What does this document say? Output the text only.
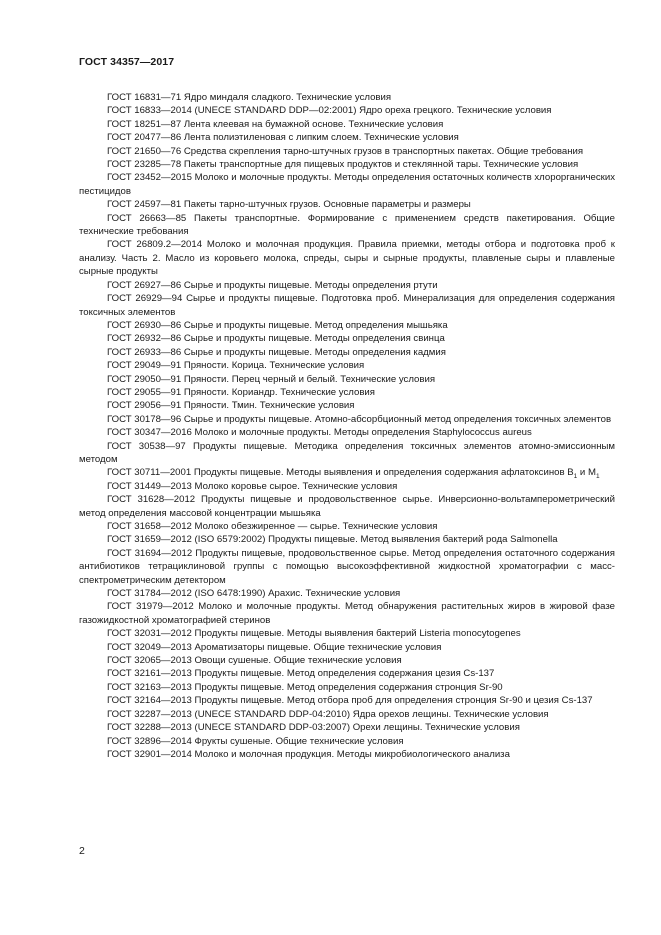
ГОСТ 34357—2017
ГОСТ 16831—71 Ядро миндаля сладкого. Технические условия
ГОСТ 16833—2014 (UNECE STANDARD DDP—02:2001) Ядро ореха грецкого. Технические условия
ГОСТ 18251—87 Лента клеевая на бумажной основе. Технические условия
ГОСТ 20477—86 Лента полиэтиленовая с липким слоем. Технические условия
ГОСТ 21650—76 Средства скрепления тарно-штучных грузов в транспортных пакетах. Общие требования
ГОСТ 23285—78 Пакеты транспортные для пищевых продуктов и стеклянной тары. Технические условия
ГОСТ 23452—2015 Молоко и молочные продукты. Методы определения остаточных количеств хлорорганических пестицидов
ГОСТ 24597—81 Пакеты тарно-штучных грузов. Основные параметры и размеры
ГОСТ 26663—85 Пакеты транспортные. Формирование с применением средств пакетирования. Общие технические требования
ГОСТ 26809.2—2014 Молоко и молочная продукция. Правила приемки, методы отбора и подготовка проб к анализу. Часть 2. Масло из коровьего молока, спреды, сыры и сырные продукты, плавленые сыры и плавленые сырные продукты
ГОСТ 26927—86 Сырье и продукты пищевые. Методы определения ртути
ГОСТ 26929—94 Сырье и продукты пищевые. Подготовка проб. Минерализация для определения содержания токсичных элементов
ГОСТ 26930—86 Сырье и продукты пищевые. Метод определения мышьяка
ГОСТ 26932—86 Сырье и продукты пищевые. Методы определения свинца
ГОСТ 26933—86 Сырье и продукты пищевые. Методы определения кадмия
ГОСТ 29049—91 Пряности. Корица. Технические условия
ГОСТ 29050—91 Пряности. Перец черный и белый. Технические условия
ГОСТ 29055—91 Пряности. Кориандр. Технические условия
ГОСТ 29056—91 Пряности. Тмин. Технические условия
ГОСТ 30178—96 Сырье и продукты пищевые. Атомно-абсорбционный метод определения токсичных элементов
ГОСТ 30347—2016 Молоко и молочные продукты. Методы определения Staphylococcus aureus
ГОСТ 30538—97 Продукты пищевые. Методика определения токсичных элементов атомно-эмиссионным методом
ГОСТ 30711—2001 Продукты пищевые. Методы выявления и определения содержания афлатоксинов $B_1$ и $M_1$
ГОСТ 31449—2013 Молоко коровье сырое. Технические условия
ГОСТ 31628—2012 Продукты пищевые и продовольственное сырье. Инверсионно-вольтамперометрический метод определения массовой концентрации мышьяка
ГОСТ 31658—2012 Молоко обезжиренное — сырье. Технические условия
ГОСТ 31659—2012 (ISO 6579:2002) Продукты пищевые. Метод выявления бактерий рода Salmonella
ГОСТ 31694—2012 Продукты пищевые, продовольственное сырье. Метод определения остаточного содержания антибиотиков тетрациклиновой группы с помощью высокоэффективной жидкостной хроматографии с масс-спектрометрическим детектором
ГОСТ 31784—2012 (ISO 6478:1990) Арахис. Технические условия
ГОСТ 31979—2012 Молоко и молочные продукты. Метод обнаружения растительных жиров в жировой фазе газожидкостной хроматографией стеринов
ГОСТ 32031—2012 Продукты пищевые. Методы выявления бактерий Listeria monocytogenes
ГОСТ 32049—2013 Ароматизаторы пищевые. Общие технические условия
ГОСТ 32065—2013 Овощи сушеные. Общие технические условия
ГОСТ 32161—2013 Продукты пищевые. Метод определения содержания цезия Cs-137
ГОСТ 32163—2013 Продукты пищевые. Метод определения содержания стронция Sr-90
ГОСТ 32164—2013 Продукты пищевые. Метод отбора проб для определения стронция Sr-90 и цезия Cs-137
ГОСТ 32287—2013 (UNECE STANDARD DDP-04:2010) Ядра орехов лещины. Технические условия
ГОСТ 32288—2013 (UNECE STANDARD DDP-03:2007) Орехи лещины. Технические условия
ГОСТ 32896—2014 Фрукты сушеные. Общие технические условия
ГОСТ 32901—2014 Молоко и молочная продукция. Методы микробиологического анализа
2
